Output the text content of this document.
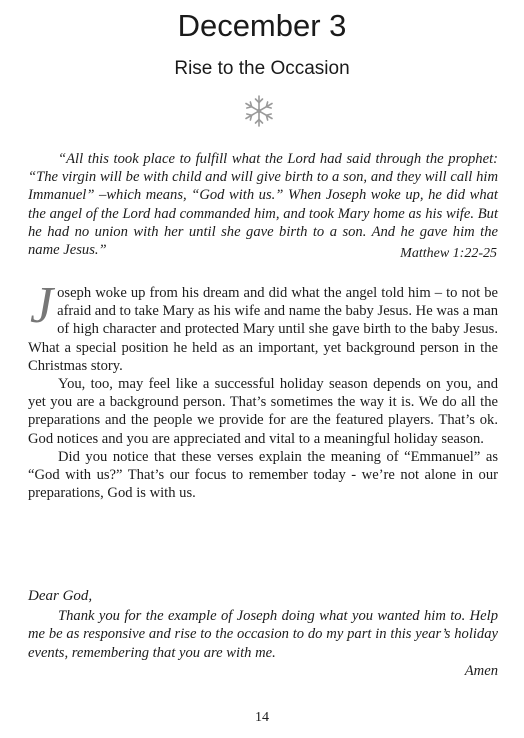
December 3
Rise to the Occasion

“All this took place to fulfill what the Lord had said through the prophet: “The virgin will be with child and will give birth to a son, and they will call him Immanuel” –which means, “God with us.” When Joseph woke up, he did what the angel of the Lord had commanded him, and took Mary home as his wife. But he had no union with her until she gave birth to a son. And he gave him the name Jesus.”	Matthew 1:22-25

Joseph woke up from his dream and did what the angel told him – to not be afraid and to take Mary as his wife and name the baby Jesus. He was a man of high character and protected Mary until she gave birth to the baby Jesus. What a special position he held as an important, yet background person in the Christmas story.

You, too, may feel like a successful holiday season depends on you, and yet you are a background person. That’s sometimes the way it is. We do all the preparations and the people we provide for are the featured players. That’s ok. God notices and you are appreciated and vital to a meaningful holiday season.

Did you notice that these verses explain the meaning of “Emmanuel” as “God with us?” That’s our focus to remember today - we’re not alone in our preparations, God is with us.

Dear God,

Thank you for the example of Joseph doing what you wanted him to. Help me be as responsive and rise to the occasion to do my part in this year’s holiday events, remembering that you are with me.

Amen

14
